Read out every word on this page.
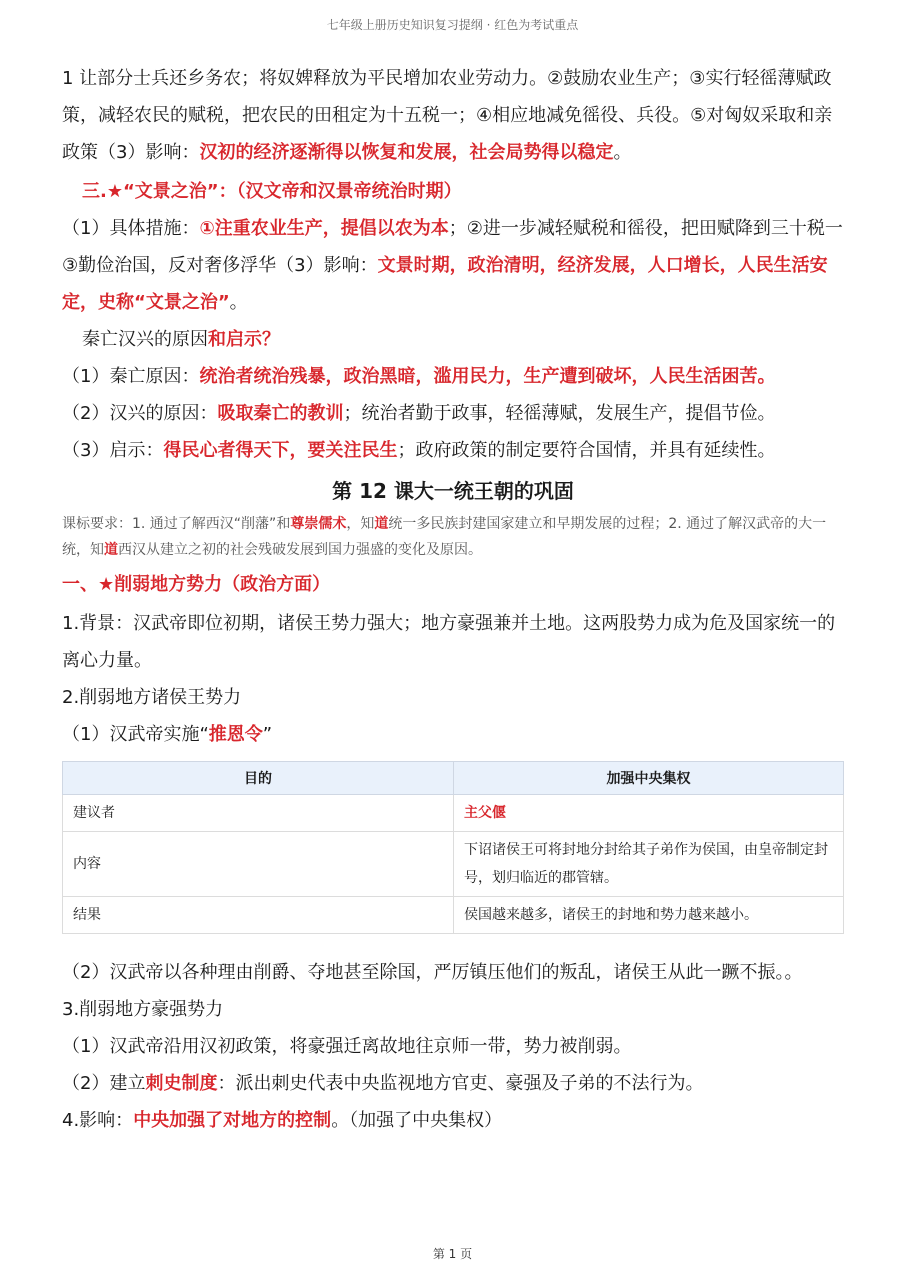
七年级上册历史知识复习提纲 · 红色为考试重点

1 让部分士兵还乡务农；将奴婢释放为平民增加农业劳动力。②鼓励农业生产；③实行轻徭薄赋政策，减轻农民的赋税，把农民的田租定为十五税一；④相应地减免徭役、兵役。⑤对匈奴采取和亲政策（3）影响：汉初的经济逐渐得以恢复和发展，社会局势得以稳定。

三.★“文景之治”：（汉文帝和汉景帝统治时期）

（1）具体措施：①注重农业生产，提倡以农为本；②进一步减轻赋税和徭役，把田赋降到三十税一

③勤俭治国，反对奢侈浮华（3）影响：文景时期，政治清明，经济发展，人口增长，人民生活安定，史称“文景之治”。

秦亡汉兴的原因和启示？

（1）秦亡原因：统治者统治残暴，政治黑暗，滥用民力，生产遭到破坏，人民生活困苦。

（2）汉兴的原因：吸取秦亡的教训；统治者勤于政事，轻徭薄赋，发展生产，提倡节俭。

（3）启示：得民心者得天下，要关注民生；政府政策的制定要符合国情，并具有延续性。

第 12 课大一统王朝的巩固

课标要求：1. 通过了解西汉“削藩”和尊崇儒术，知道统一多民族封建国家建立和早期发展的过程；2. 通过了解汉武帝的大一统，知道西汉从建立之初的社会残破发展到国力强盛的变化及原因。

一、★削弱地方势力（政治方面）

1.背景：汉武帝即位初期，诸侯王势力强大；地方豪强兼并土地。这两股势力成为危及国家统一的离心力量。

2.削弱地方诸侯王势力

（1）汉武帝实施“推恩令”

目的	加强中央集权
建议者	主父偃
内容	下诏诸侯王可将封地分封给其子弟作为侯国，由皇帝制定封号，划归临近的郡管辖。
结果	侯国越来越多，诸侯王的封地和势力越来越小。

（2）汉武帝以各种理由削爵、夺地甚至除国，严厉镇压他们的叛乱，诸侯王从此一蹶不振。。

3.削弱地方豪强势力

（1）汉武帝沿用汉初政策，将豪强迁离故地往京师一带，势力被削弱。

（2）建立刺史制度：派出刺史代表中央监视地方官吏、豪强及子弟的不法行为。

4.影响：中央加强了对地方的控制。（加强了中央集权）

第 1 页
